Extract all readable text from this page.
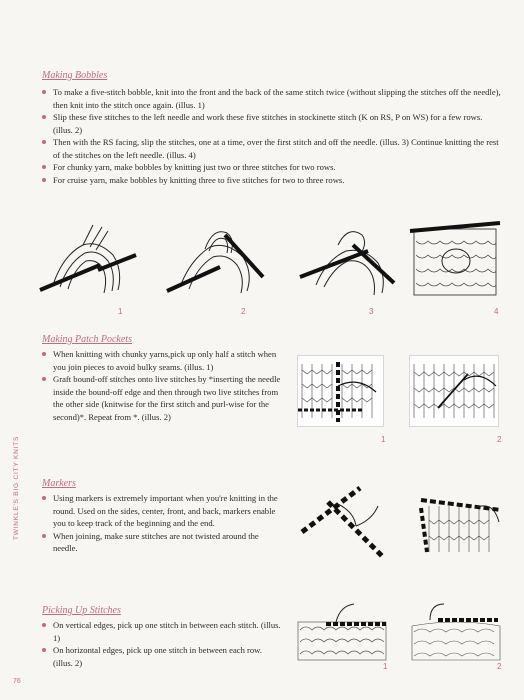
Making Bobbles
To make a five-stitch bobble, knit into the front and the back of the same stitch twice (without slipping the stitches off the needle), then knit into the stitch once again. (illus. 1)
Slip these five stitches to the left needle and work these five stitches in stockinette stitch (K on RS, P on WS) for a few rows. (illus. 2)
Then with the RS facing, slip the stitches, one at a time, over the first stitch and off the needle. (illus. 3) Continue knitting the rest of the stitches on the left needle. (illus. 4)
For chunky yarn, make bobbles by knitting just two or three stitches for two rows.
For cruise yarn, make bobbles by knitting three to five stitches for two to three rows.
1	2	3	4
Making Patch Pockets
When knitting with chunky yarns,pick up only half a stitch when you join pieces to avoid bulky seams. (illus. 1)
Graft bound-off stitches onto live stitches by *inserting the needle inside the bound-off edge and then through two live stitches from the other side (knitwise for the first stitch and purl-wise for the second)*. Repeat from *. (illus. 2)
1	2
Markers
Using markers is extremely important when you're knitting in the round. Used on the sides, center, front, and back, markers enable you to keep track of the beginning and the end.
When joining, make sure stitches are not twisted around the needle.
Picking Up Stitches
On vertical edges, pick up one stitch in between each stitch. (illus. 1)
On horizontal edges, pick up one stitch in between each row. (illus. 2)	1	2
TWINKLE'S BIG CITY KNITS
76
